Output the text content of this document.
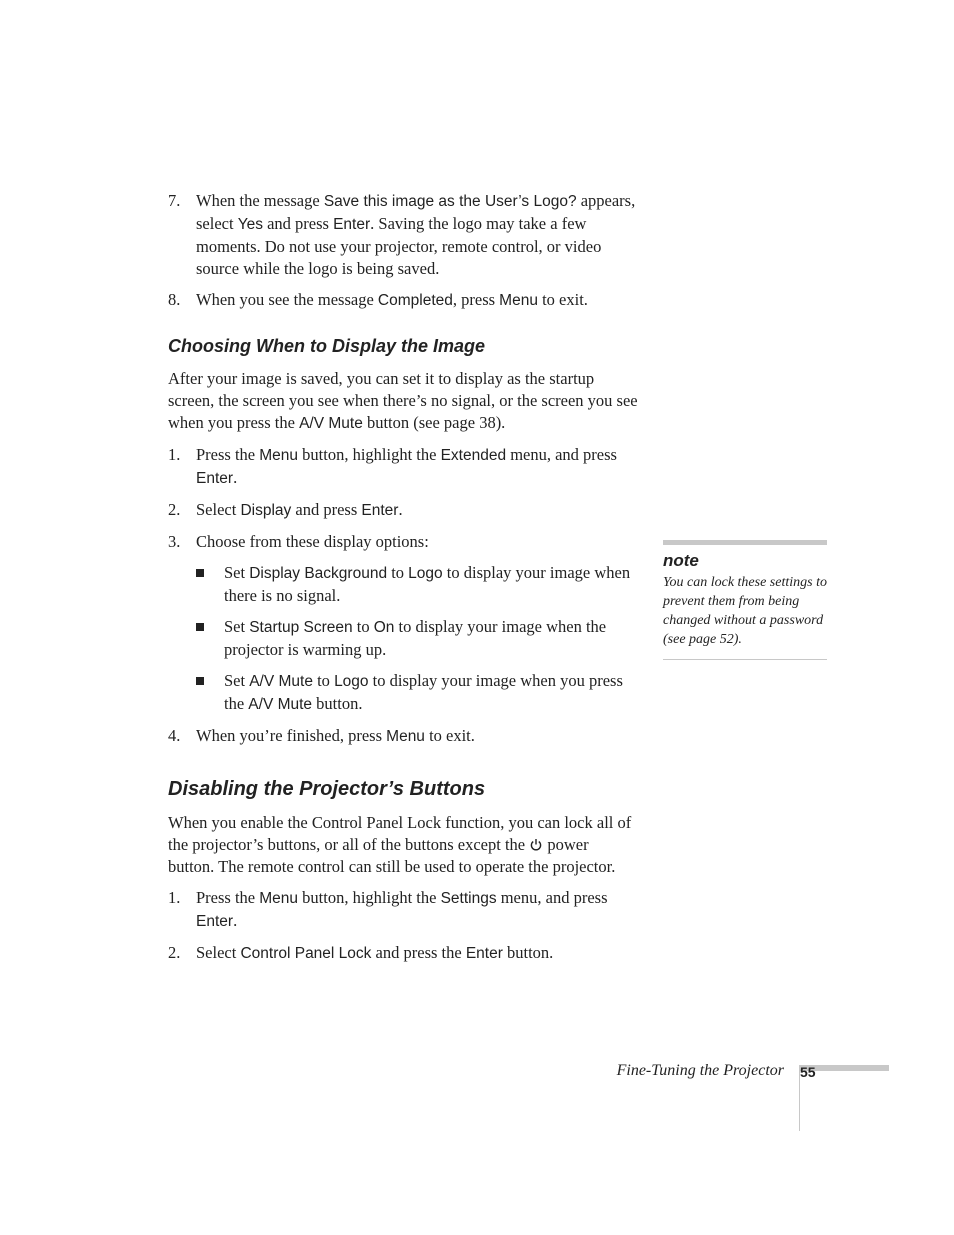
7. When the message Save this image as the User’s Logo? appears, select Yes and press Enter. Saving the logo may take a few moments. Do not use your projector, remote control, or video source while the logo is being saved.
8. When you see the message Completed, press Menu to exit.
Choosing When to Display the Image

After your image is saved, you can set it to display as the startup screen, the screen you see when there’s no signal, or the screen you see when you press the A/V Mute button (see page 38).

1. Press the Menu button, highlight the Extended menu, and press Enter.
2. Select Display and press Enter.
3. Choose from these display options:
Set Display Background to Logo to display your image when there is no signal.
Set Startup Screen to On to display your image when the projector is warming up.
Set A/V Mute to Logo to display your image when you press the A/V Mute button.
4. When you’re finished, press Menu to exit.
Disabling the Projector’s Buttons

When you enable the Control Panel Lock function, you can lock all of the projector’s buttons, or all of the buttons except the  power button. The remote control can still be used to operate the projector.

1. Press the Menu button, highlight the Settings menu, and press Enter.
2. Select Control Panel Lock and press the Enter button.
note
You can lock these settings to prevent them from being changed without a password (see page 52).
Fine-Tuning the Projector 55
